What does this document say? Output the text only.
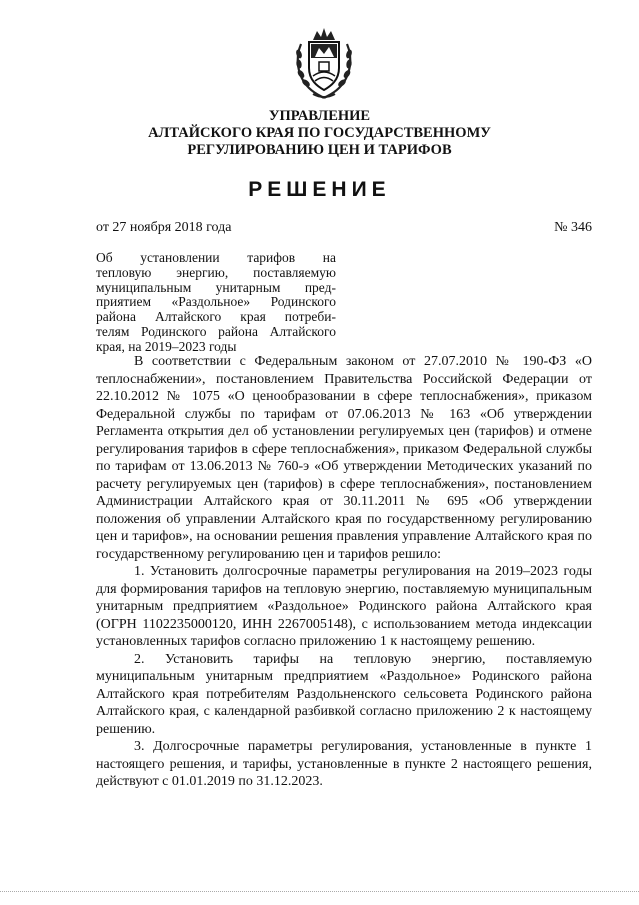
УПРАВЛЕНИЕ
АЛТАЙСКОГО КРАЯ ПО ГОСУДАРСТВЕННОМУ
РЕГУЛИРОВАНИЮ ЦЕН И ТАРИФОВ
РЕШЕНИЕ
от 27 ноября 2018 года	№ 346
Об установлении тарифов на
тепловую энергию, поставляемую
муниципальным унитарным пред-
приятием «Раздольное» Родинского
района Алтайского края потреби-
телям Родинского района Алтайского
края, на 2019–2023 годы

В соответствии с Федеральным законом от 27.07.2010 № 190-ФЗ «О теплоснабжении», постановлением Правительства Российской Федерации от 22.10.2012 № 1075 «О ценообразовании в сфере теплоснабжения», приказом Федеральной службы по тарифам от 07.06.2013 № 163 «Об утверждении Регламента открытия дел об установлении регулируемых цен (тарифов) и отмене регулирования тарифов в сфере теплоснабжения», приказом Федеральной службы по тарифам от 13.06.2013 № 760-э «Об утверждении Методических указаний по расчету регулируемых цен (тарифов) в сфере теплоснабжения», постановлением Администрации Алтайского края от 30.11.2011 № 695 «Об утверждении положения об управлении Алтайского края по государственному регулированию цен и тарифов», на основании решения правления управление Алтайского края по государственному регулированию цен и тарифов решило:

1. Установить долгосрочные параметры регулирования на 2019–2023 годы для формирования тарифов на тепловую энергию, поставляемую муниципальным унитарным предприятием «Раздольное» Родинского района Алтайского края (ОГРН 1102235000120, ИНН 2267005148), с использованием метода индексации установленных тарифов согласно приложению 1 к настоящему решению.

2. Установить тарифы на тепловую энергию, поставляемую муниципальным унитарным предприятием «Раздольное» Родинского района Алтайского края потребителям Раздольненского сельсовета Родинского района Алтайского края, с календарной разбивкой согласно приложению 2 к настоящему решению.

3. Долгосрочные параметры регулирования, установленные в пункте 1 настоящего решения, и тарифы, установленные в пункте 2 настоящего решения, действуют с 01.01.2019 по 31.12.2023.
